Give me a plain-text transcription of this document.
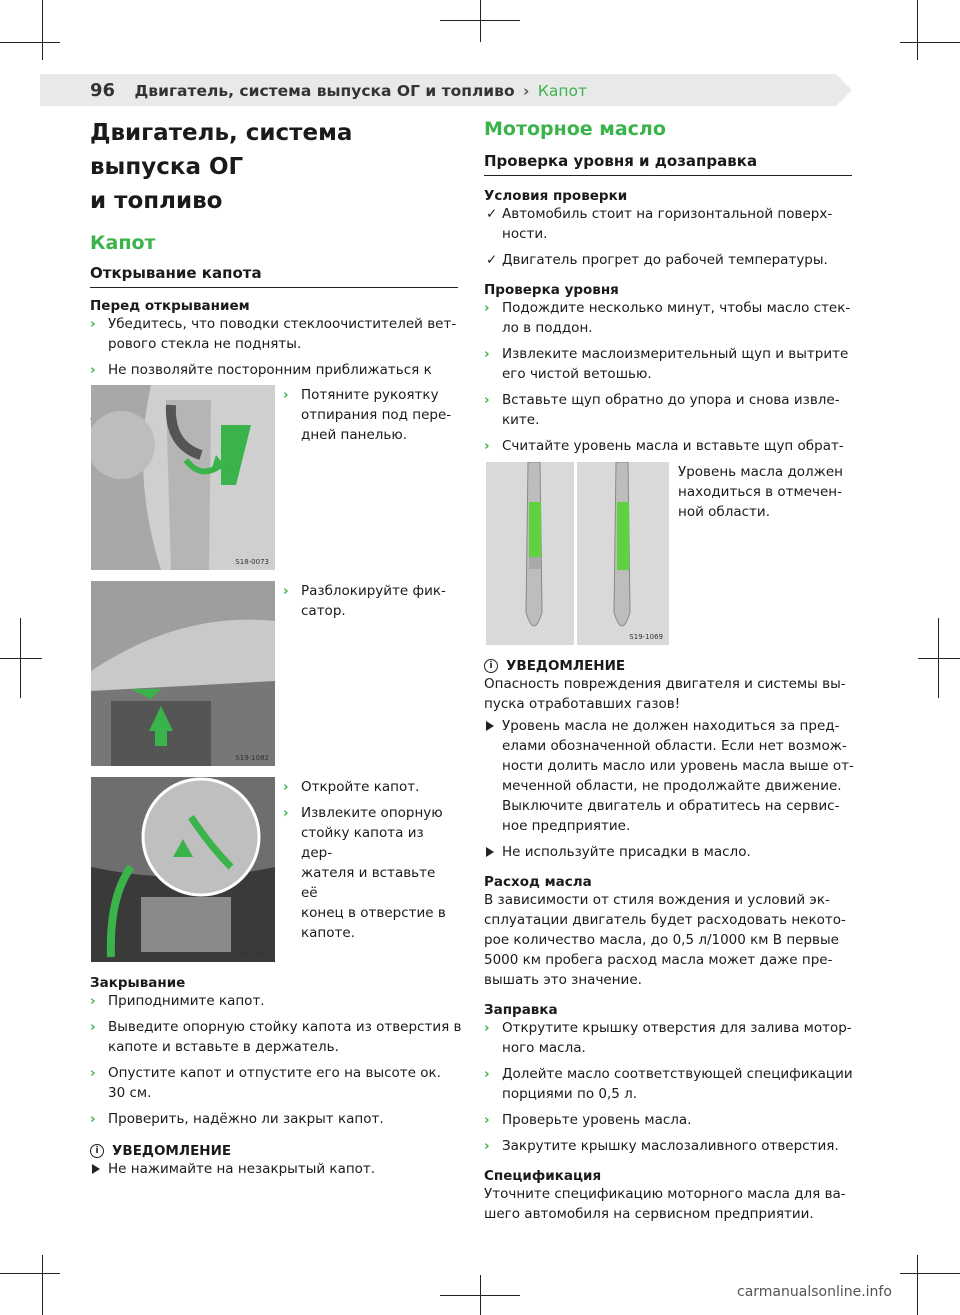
96 Двигатель, система выпуска ОГ и топливо › Капот
Двигатель, система выпуска ОГ
и топливо
Капот
Открывание капота
Перед открыванием
› Убедитесь, что поводки стеклоочистителей вет-
рового стекла не подняты.
› Не позволяйте посторонним приближаться к

S18-0073
› Потяните рукоятку
отпирания под пере-
дней панелью.
S19-1082
› Разблокируйте фик-
сатор.
S19-1083
› Откройте капот.
› Извлеките опорную
стойку капота из дер-
жателя и вставьте её
конец в отверстие в
капоте.
Закрывание
› Приподнимите капот.
› Выведите опорную стойку капота из отверстия в
капоте и вставьте в держатель.
› Опустите капот и отпустите его на высоте ок.
30 см.
› Проверить, надёжно ли закрыт капот.
i УВЕДОМЛЕНИЕ
Не нажимайте на незакрытый капот.
Моторное масло
Проверка уровня и дозаправка
Условия проверки
✓ Автомобиль стоит на горизонтальной поверх-
ности.
✓ Двигатель прогрет до рабочей температуры.
Проверка уровня
› Подождите несколько минут, чтобы масло стек-
ло в поддон.
› Извлеките маслоизмерительный щуп и вытрите
его чистой ветошью.
› Вставьте щуп обратно до упора и снова извле-
ките.
› Считайте уровень масла и вставьте щуп обрат-

S19-1069
Уровень масла должен
находиться в отмечен-
ной области.
i УВЕДОМЛЕНИЕ
Опасность повреждения двигателя и системы вы-
пуска отработавших газов!
Уровень масла не должен находиться за пред-
елами обозначенной области. Если нет возмож-
ности долить масло или уровень масла выше от-
меченной области, не продолжайте движение.
Выключите двигатель и обратитесь на сервис-
ное предприятие.
Не используйте присадки в масло.
Расход масла
В зависимости от стиля вождения и условий эк-
сплуатации двигатель будет расходовать некото-
рое количество масла, до 0,5 л/1000 км В первые
5000 км пробега расход масла может даже пре-
вышать это значение.
Заправка
› Открутите крышку отверстия для залива мотор-
ного масла.
› Долейте масло соответствующей спецификации
порциями по 0,5 л.
› Проверьте уровень масла.
› Закрутите крышку маслозаливного отверстия.
Спецификация
Уточните спецификацию моторного масла для ва-
шего автомобиля на сервисном предприятии.
carmanualsonline.info
